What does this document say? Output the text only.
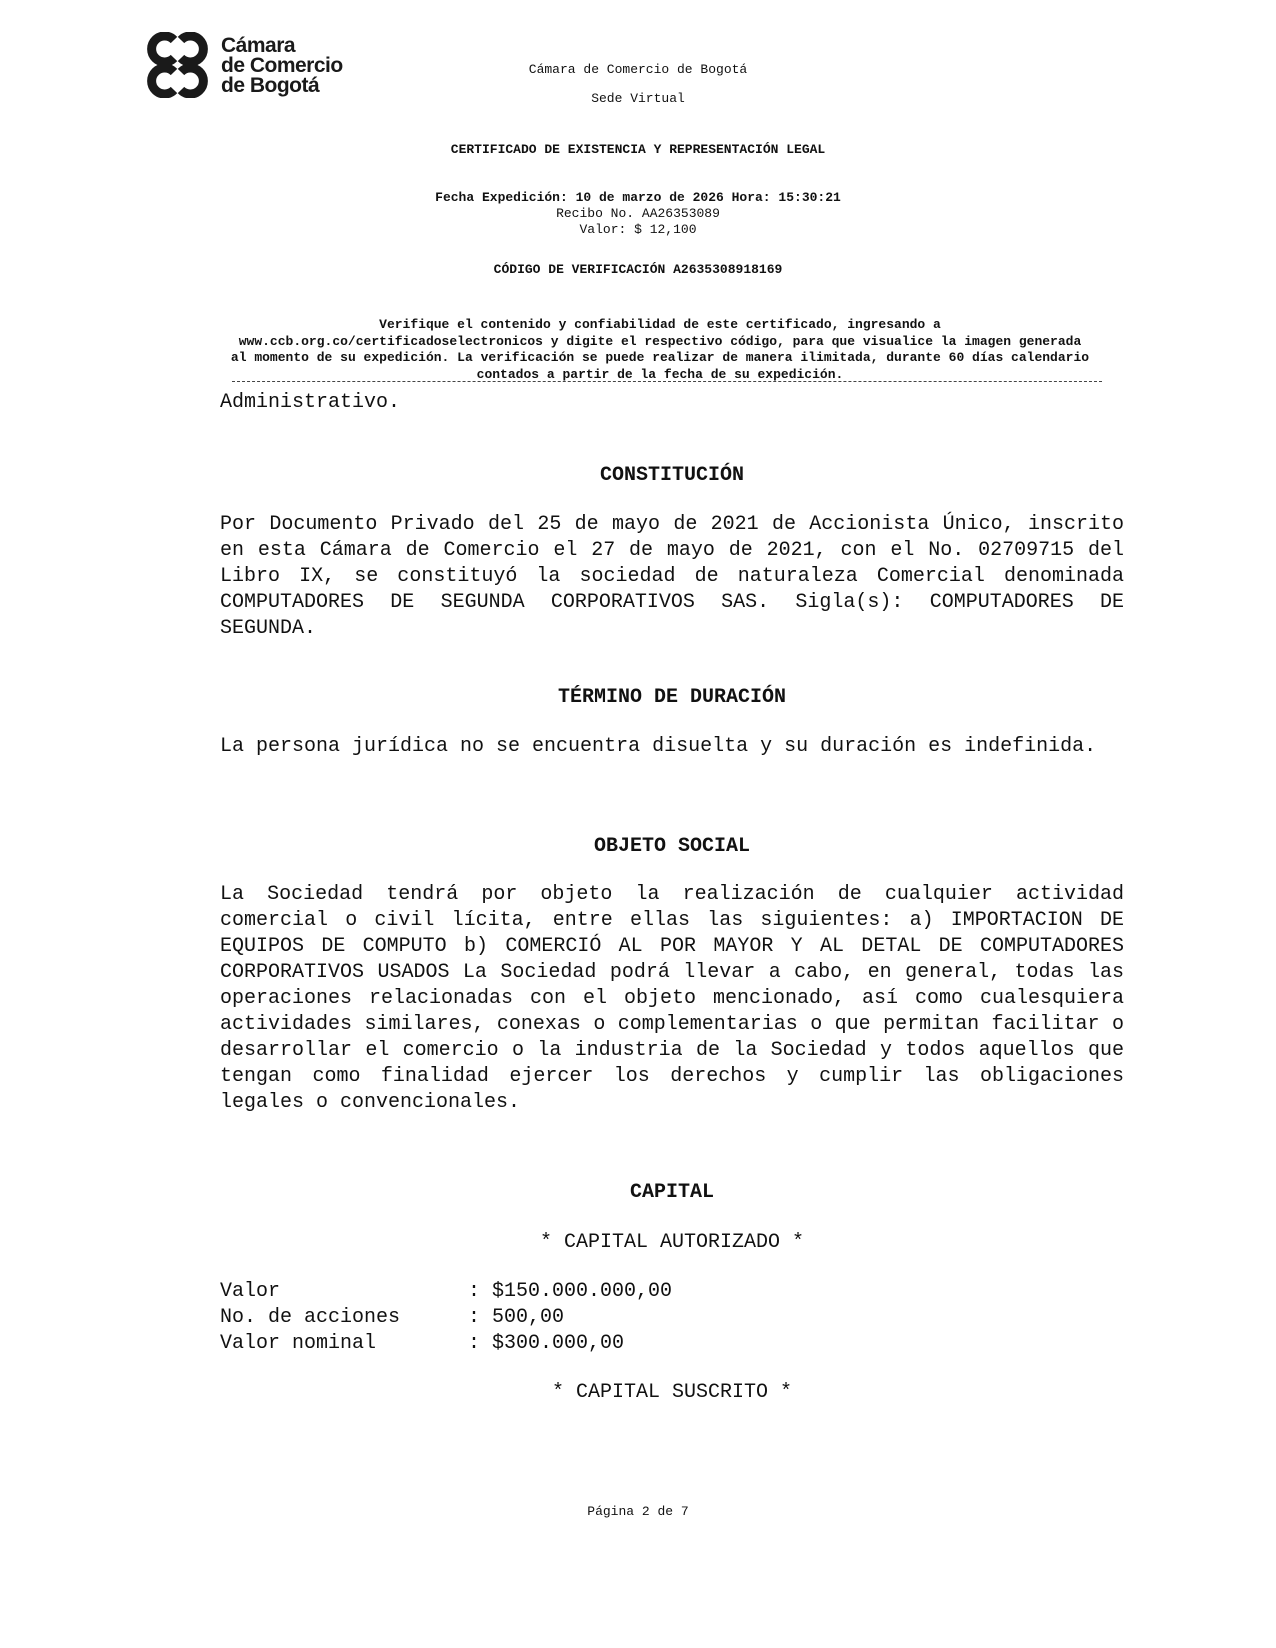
Cámara
de Comercio
de Bogotá
Cámara de Comercio de Bogotá
Sede Virtual
CERTIFICADO DE EXISTENCIA Y REPRESENTACIÓN LEGAL
Fecha Expedición: 10 de marzo de 2026 Hora: 15:30:21
Recibo No. AA26353089
Valor: $ 12,100
CÓDIGO DE VERIFICACIÓN A2635308918169
Verifique el contenido y confiabilidad de este certificado, ingresando a www.ccb.org.co/certificadoselectronicos y digite el respectivo código, para que visualice la imagen generada al momento de su expedición. La verificación se puede realizar de manera ilimitada, durante 60 días calendario contados a partir de la fecha de su expedición.
Administrativo.

CONSTITUCIÓN

Por Documento Privado del 25 de mayo de 2021 de Accionista Único, inscrito en esta Cámara de Comercio el 27 de mayo de 2021, con el No. 02709715 del Libro IX, se constituyó la sociedad de naturaleza Comercial denominada COMPUTADORES DE SEGUNDA CORPORATIVOS SAS. Sigla(s): COMPUTADORES DE SEGUNDA.

TÉRMINO DE DURACIÓN

La persona jurídica no se encuentra disuelta y su duración es indefinida.

OBJETO SOCIAL

La Sociedad tendrá por objeto la realización de cualquier actividad comercial o civil lícita, entre ellas las siguientes: a) IMPORTACION DE EQUIPOS DE COMPUTO b) COMERCIÓ AL POR MAYOR Y AL DETAL DE COMPUTADORES CORPORATIVOS USADOS La Sociedad podrá llevar a cabo, en general, todas las operaciones relacionadas con el objeto mencionado, así como cualesquiera actividades similares, conexas o complementarias o que permitan facilitar o desarrollar el comercio o la industria de la Sociedad y todos aquellos que tengan como finalidad ejercer los derechos y cumplir las obligaciones legales o convencionales.

CAPITAL

* CAPITAL AUTORIZADO *

Valor	: $150.000.000,00
No. de acciones	: 500,00
Valor nominal	: $300.000,00

* CAPITAL SUSCRITO *

Página 2 de 7
